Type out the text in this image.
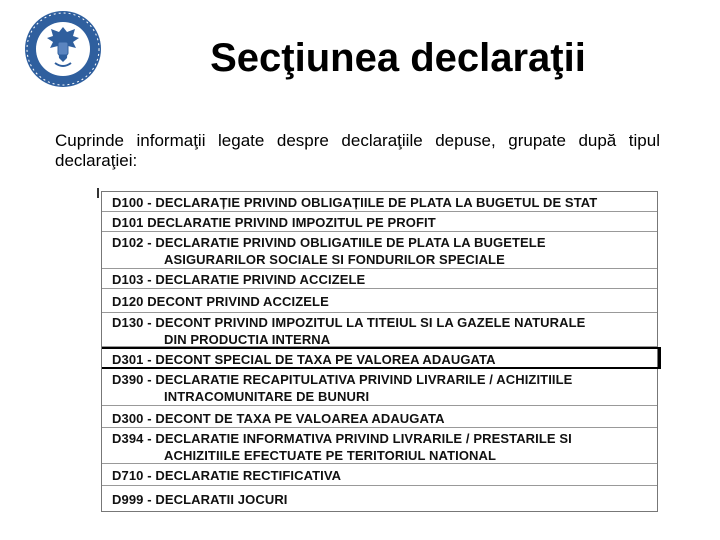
Secţiunea declaraţii
Cuprinde informaţii legate despre declaraţiile depuse, grupate după tipul declaraţiei:
D100 - DECLARAȚIE PRIVIND OBLIGAȚIILE DE PLATA LA BUGETUL DE STAT
D101 DECLARATIE PRIVIND IMPOZITUL PE PROFIT
D102 - DECLARATIE PRIVIND OBLIGATIILE DE PLATA LA BUGETELE
ASIGURARILOR SOCIALE SI FONDURILOR SPECIALE
D103 - DECLARATIE PRIVIND ACCIZELE
D120 DECONT PRIVIND ACCIZELE
D130 - DECONT PRIVIND IMPOZITUL LA TITEIUL SI LA GAZELE NATURALE
DIN PRODUCTIA INTERNA
D301 - DECONT SPECIAL DE TAXA PE VALOREA ADAUGATA
D390 - DECLARATIE RECAPITULATIVA PRIVIND LIVRARILE / ACHIZITIILE
INTRACOMUNITARE DE BUNURI
D300 - DECONT DE TAXA PE VALOAREA ADAUGATA
D394 - DECLARATIE INFORMATIVA PRIVIND LIVRARILE / PRESTARILE SI
ACHIZITIILE EFECTUATE PE TERITORIUL NATIONAL
D710 - DECLARATIE RECTIFICATIVA
D999 - DECLARATII JOCURI
